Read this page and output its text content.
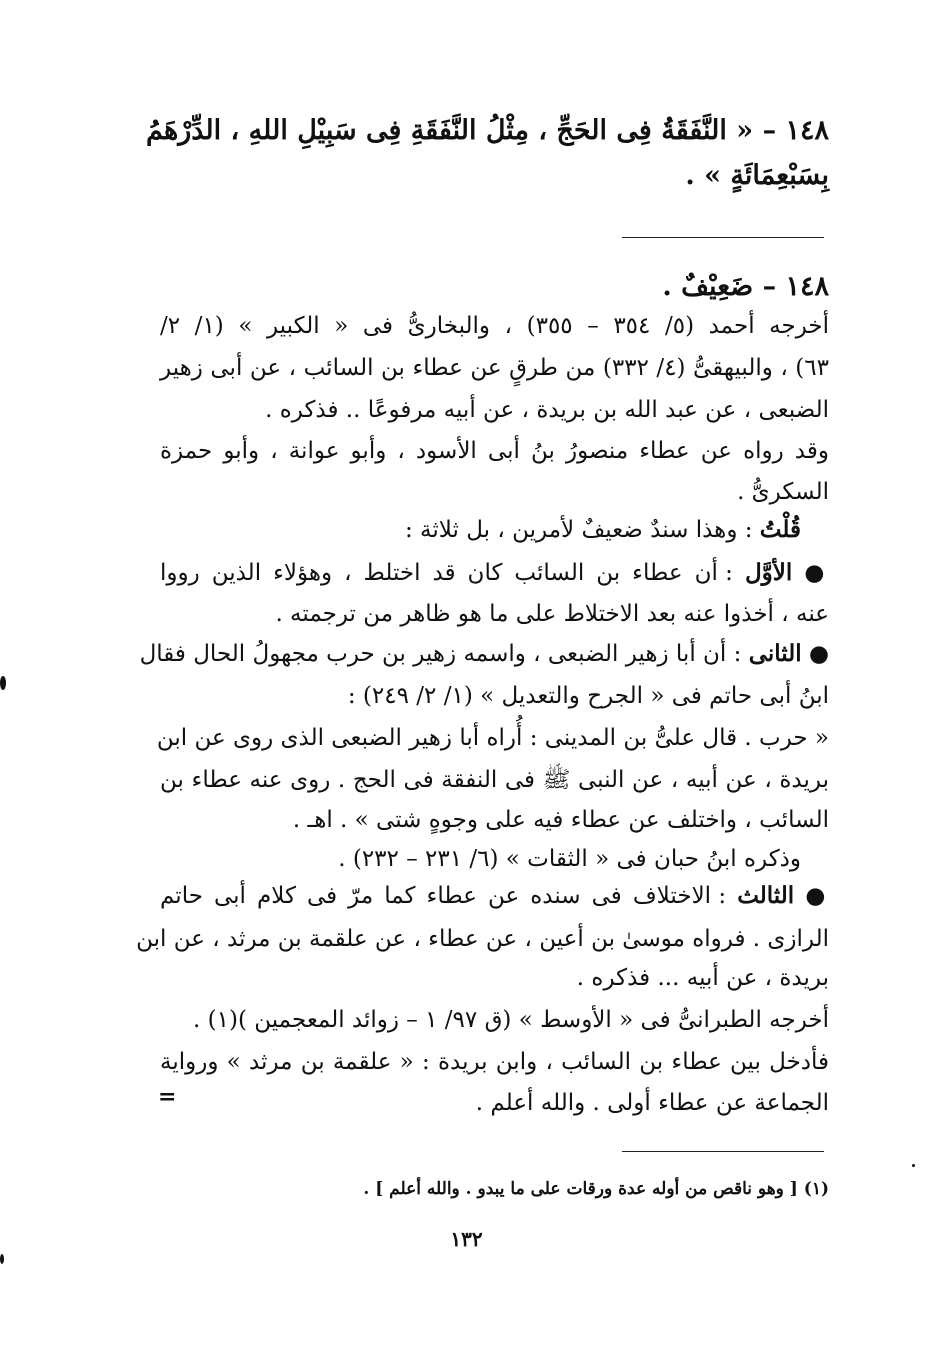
١٤٨ – « النَّفَقَةُ فِى الحَجِّ ، مِثْلُ النَّفَقَةِ فِى سَبِيْلِ اللهِ ، الدِّرْهَمُ
بِسَبْعِمَائَةٍ » .
١٤٨ – ضَعِيْفٌ .
أخرجه أحمد (٥/ ٣٥٤ – ٣٥٥) ، والبخارىُّ فى « الكبير » (١/ ٢/
٦٣) ، والبيهقىُّ (٤/ ٣٣٢) من طرقٍ عن عطاء بن السائب ، عن أبى زهير
الضبعى ، عن عبد الله بن بريدة ، عن أبيه مرفوعًا .. فذكره .
وقد رواه عن عطاء منصورُ بنُ أبى الأسود ، وأبو عوانة ، وأبو حمزة
السكرىُّ .
قُلْتُ : وهذا سندٌ ضعيفٌ لأمرين ، بل ثلاثة :
● الأوَّل : أن عطاء بن السائب كان قد اختلط ، وهؤلاء الذين رووا
عنه ، أخذوا عنه بعد الاختلاط على ما هو ظاهر من ترجمته .
● الثانى : أن أبا زهير الضبعى ، واسمه زهير بن حرب مجهولُ الحال فقال
ابنُ أبى حاتم فى « الجرح والتعديل » (١/ ٢/ ٢٤٩) :
« حرب . قال علىُّ بن المدينى : أُراه أبا زهير الضبعى الذى روى عن ابن
بريدة ، عن أبيه ، عن النبى ﷺ فى النفقة فى الحج . روى عنه عطاء بن
السائب ، واختلف عن عطاء فيه على وجوهٍ شتى » . اهـ .
وذكره ابنُ حبان فى « الثقات » (٦/ ٢٣١ – ٢٣٢) .
● الثالث : الاختلاف فى سنده عن عطاء كما مرّ فى كلام أبى حاتم
الرازى . فرواه موسىٰ بن أعين ، عن عطاء ، عن علقمة بن مرثد ، عن ابن
بريدة ، عن أبيه ... فذكره .
أخرجه الطبرانىُّ فى « الأوسط » (ق ٩٧/ ١ – زوائد المعجمين )(١) .
فأدخل بين عطاء بن السائب ، وابن بريدة : « علقمة بن مرثد » ورواية
الجماعة عن عطاء أولى . والله أعلم .
=
(١) [ وهو ناقص من أوله عدة ورقات على ما يبدو . والله أعلم ] .
١٣٢
